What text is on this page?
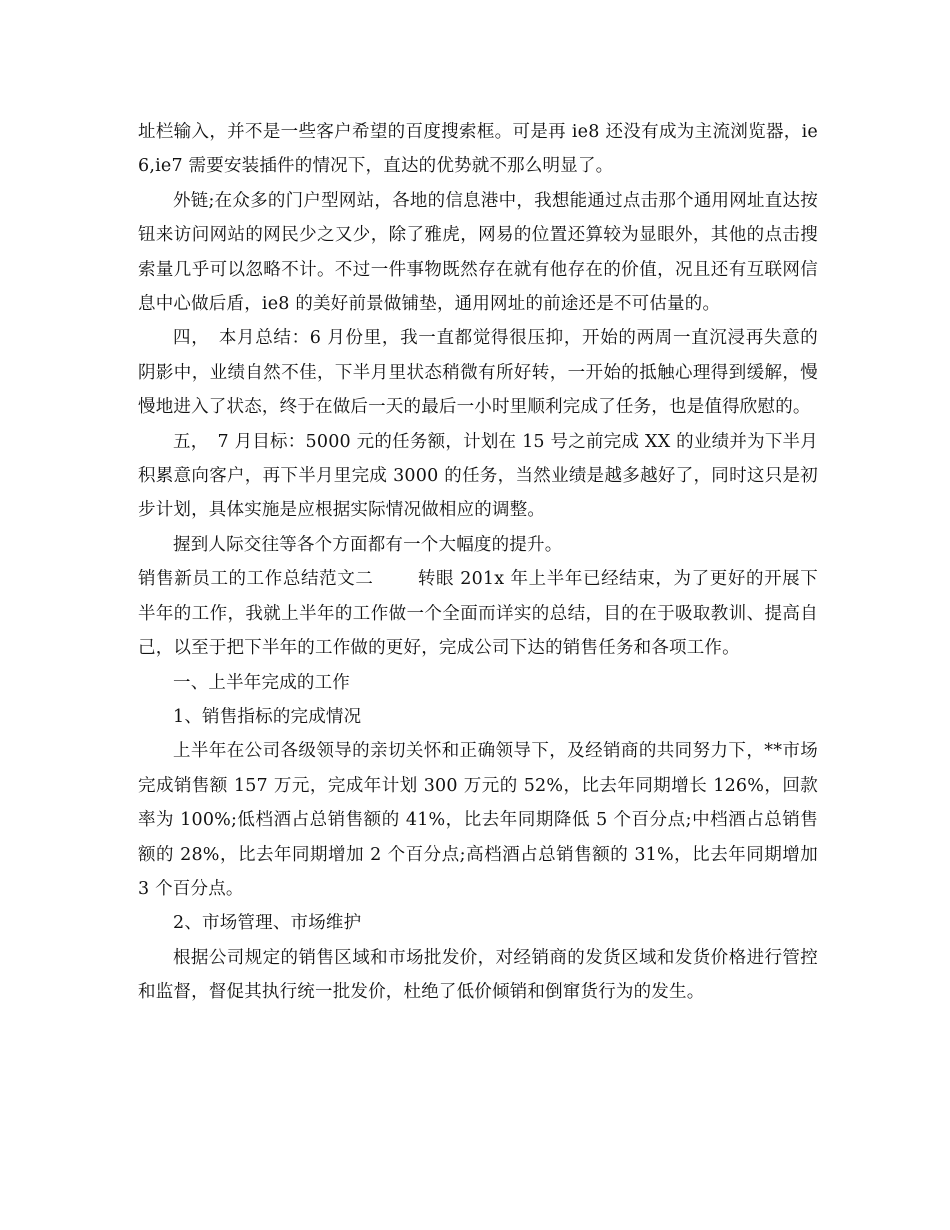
址栏输入，并不是一些客户希望的百度搜索框。可是再 ie8 还没有成为主流浏览器，ie6,ie7 需要安装插件的情况下，直达的优势就不那么明显了。

外链;在众多的门户型网站，各地的信息港中，我想能通过点击那个通用网址直达按钮来访问网站的网民少之又少，除了雅虎，网易的位置还算较为显眼外，其他的点击搜索量几乎可以忽略不计。不过一件事物既然存在就有他存在的价值，况且还有互联网信息中心做后盾，ie8 的美好前景做铺垫，通用网址的前途还是不可估量的。

四，　本月总结：6 月份里，我一直都觉得很压抑，开始的两周一直沉浸再失意的阴影中，业绩自然不佳，下半月里状态稍微有所好转，一开始的抵触心理得到缓解，慢慢地进入了状态，终于在做后一天的最后一小时里顺利完成了任务，也是值得欣慰的。

五，　7 月目标：5000 元的任务额，计划在 15 号之前完成 XX 的业绩并为下半月积累意向客户，再下半月里完成 3000 的任务，当然业绩是越多越好了，同时这只是初步计划，具体实施是应根据实际情况做相应的调整。

握到人际交往等各个方面都有一个大幅度的提升。

销售新员工的工作总结范文二	转眼 201x 年上半年已经结束，为了更好的开展下半年的工作，我就上半年的工作做一个全面而详实的总结，目的在于吸取教训、提高自己，以至于把下半年的工作做的更好，完成公司下达的销售任务和各项工作。

一、上半年完成的工作

1、销售指标的完成情况

上半年在公司各级领导的亲切关怀和正确领导下，及经销商的共同努力下，**市场完成销售额 157 万元，完成年计划 300 万元的 52%，比去年同期增长 126%，回款率为 100%;低档酒占总销售额的 41%，比去年同期降低 5 个百分点;中档酒占总销售额的 28%，比去年同期增加 2 个百分点;高档酒占总销售额的 31%，比去年同期增加 3 个百分点。

2、市场管理、市场维护

根据公司规定的销售区域和市场批发价，对经销商的发货区域和发货价格进行管控和监督，督促其执行统一批发价，杜绝了低价倾销和倒窜货行为的发生。
